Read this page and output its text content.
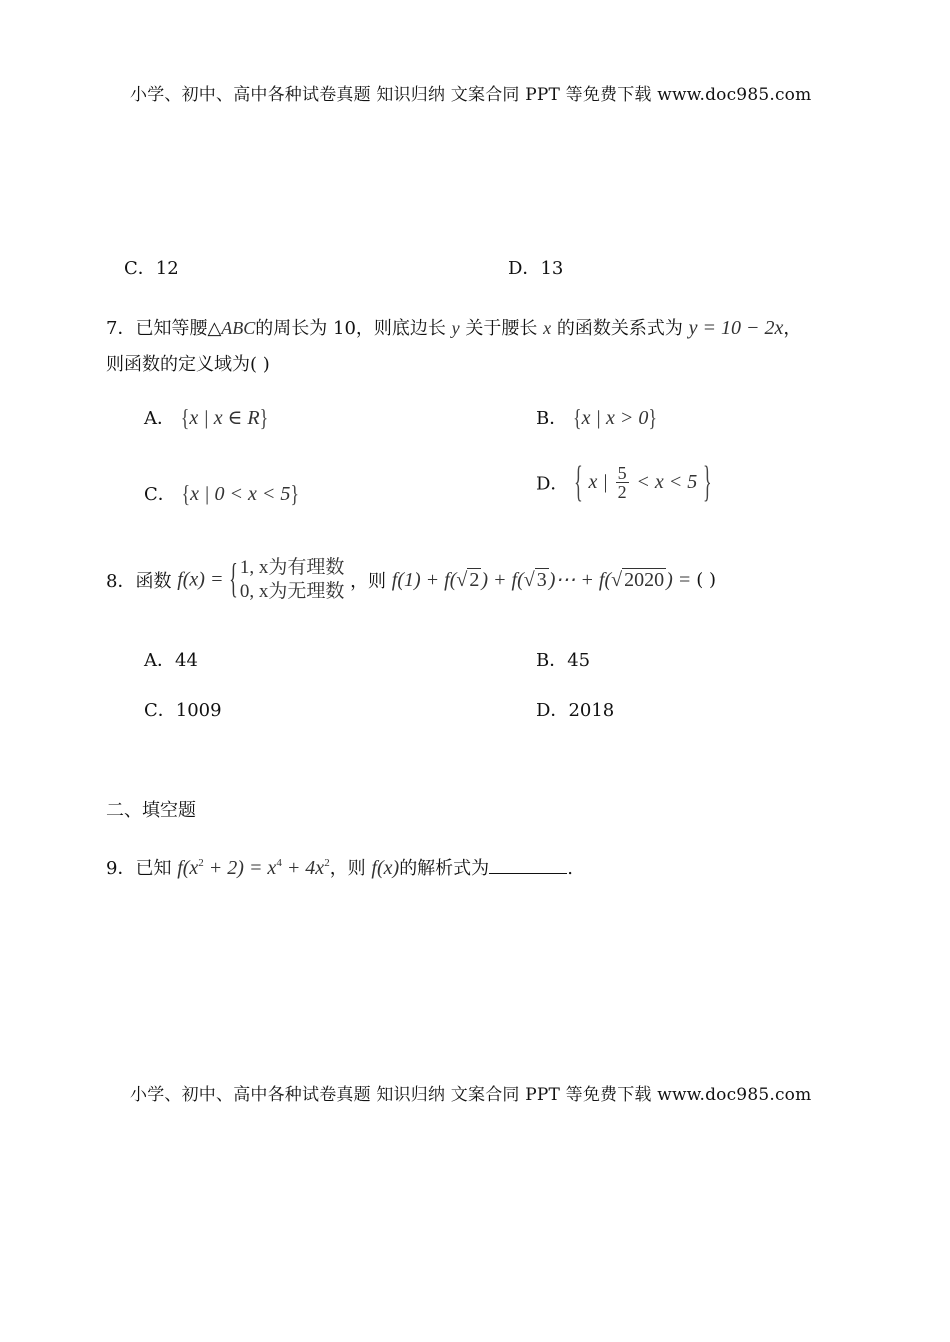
小学、初中、高中各种试卷真题 知识归纳 文案合同 PPT 等免费下载 www.doc985.com
C．12	D．13
7．已知等腰△ABC的周长为 10，则底边长 y 关于腰长 x 的函数关系式为 y = 10 − 2x，
则函数的定义域为( )
A． {x | x ∈ R}	B． {x | x > 0}
C． {x | 0 < x < 5}	D． { x | $\frac{5}{2} < x < 5$ }
8．函数 f(x) = { 1, x为有理数
0, x为无理数 ，则 f(1) + f(√ 2 ) + f(√ 3 )⋯ + f(√ 2020 ) = ( )
A．44	B．45
C．1009	D．2018
二、填空题
9．已知 $f(x^2 + 2) = x^4 + 4x^2$，则 f(x)的解析式为	.
小学、初中、高中各种试卷真题 知识归纳 文案合同 PPT 等免费下载 www.doc985.com
